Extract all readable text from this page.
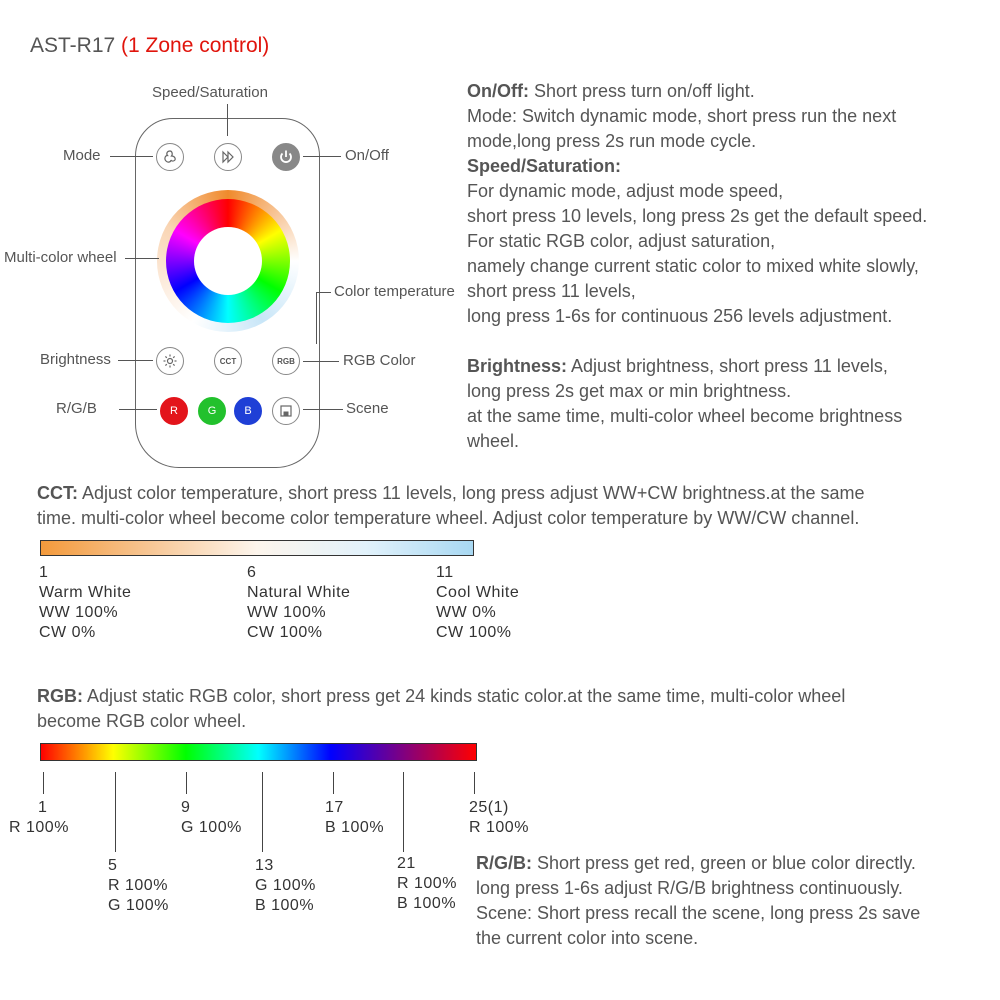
AST-R17 (1 Zone control)
CCT	RGB
R	G	B
Speed/Saturation
Mode	On/Off
Multi-color wheel
Color temperature
Brightness	RGB Color
R/G/B	Scene
On/Off: Short press turn on/off light.
Mode: Switch dynamic mode, short press run the next
mode,long press 2s run mode cycle.
Speed/Saturation:
For dynamic mode, adjust mode speed,
short press 10 levels, long press 2s get the default speed.
For static RGB color, adjust saturation,
namely change current static color to mixed white slowly,
short press 11 levels,
long press 1-6s for continuous 256 levels adjustment.
Brightness: Adjust brightness, short press 11 levels,
long press 2s get max or min brightness.
at the same time, multi-color wheel become brightness
wheel.
CCT: Adjust color temperature, short press 11 levels, long press adjust WW+CW brightness.at the same
time. multi-color wheel become color temperature wheel. Adjust color temperature by WW/CW channel.
1
Warm White
WW 100%
CW 0%
6
Natural White
WW 100%
CW 100%
11
Cool White
WW 0%
CW 100%
RGB: Adjust static RGB color, short press get 24 kinds static color.at the same time, multi-color wheel
become RGB color wheel.
1
R 100%
9
G 100%
17
B 100%
25(1)
R 100%
5
R 100%
G 100%
13
G 100%
B 100%
21
R 100%
B 100%
R/G/B: Short press get red, green or blue color directly.
long press 1-6s adjust R/G/B brightness continuously.
Scene: Short press recall the scene, long press 2s save
the current color into scene.
